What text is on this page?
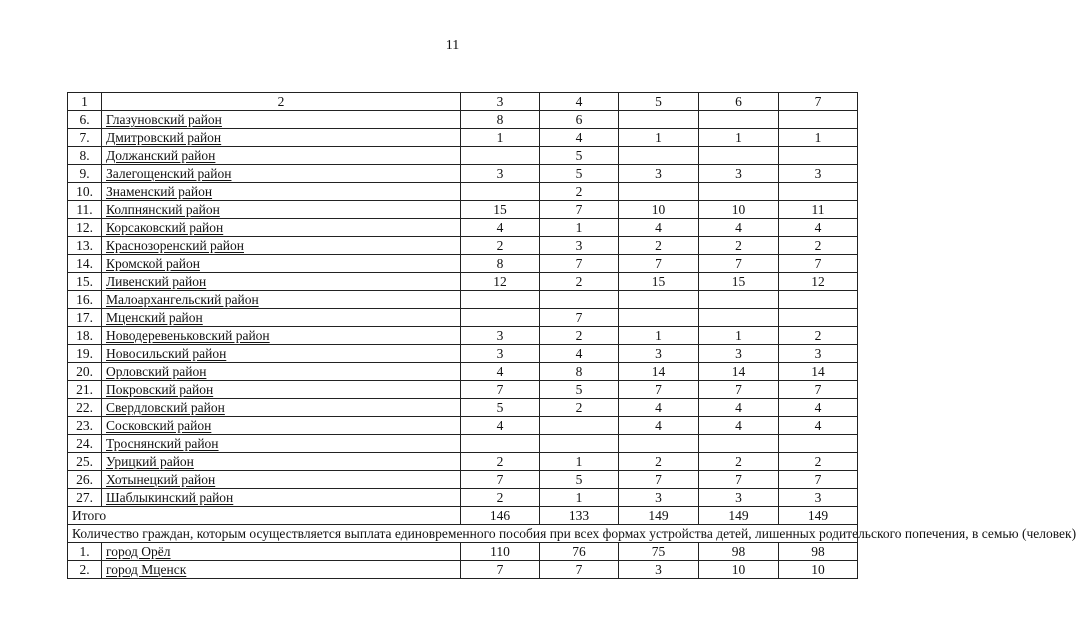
11
1	2	3	4	5	6	7
6.	Глазуновский район	8	6			
7.	Дмитровский район	1	4	1	1	1
8.	Должанский район		5			
9.	Залегощенский район	3	5	3	3	3
10.	Знаменский район		2			
11.	Колпнянский район	15	7	10	10	11
12.	Корсаковский район	4	1	4	4	4
13.	Краснозоренский район	2	3	2	2	2
14.	Кромской район	8	7	7	7	7
15.	Ливенский район	12	2	15	15	12
16.	Малоархангельский район					
17.	Мценский район		7			
18.	Новодеревеньковский район	3	2	1	1	2
19.	Новосильский район	3	4	3	3	3
20.	Орловский район	4	8	14	14	14
21.	Покровский район	7	5	7	7	7
22.	Свердловский район	5	2	4	4	4
23.	Сосковский район	4		4	4	4
24.	Троснянский район					
25.	Урицкий район	2	1	2	2	2
26.	Хотынецкий район	7	5	7	7	7
27.	Шаблыкинский район	2	1	3	3	3
Итого		146	133	149	149	149
Количество граждан, которым осуществляется выплата единовременного пособия при всех формах устройства детей, лишенных родительского попечения, в семью (человек)						
1.	город Орёл	110	76	75	98	98
2.	город Мценск	7	7	3	10	10
